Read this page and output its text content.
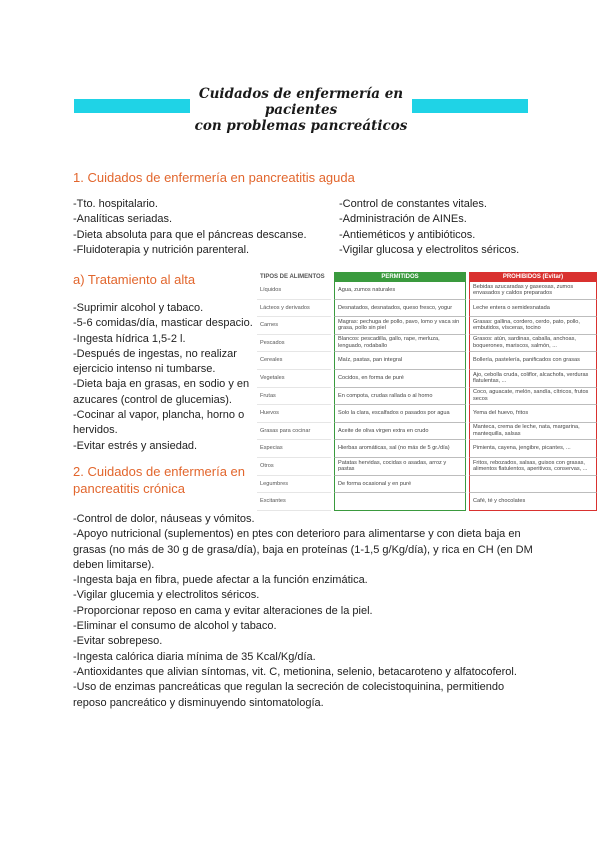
Cuidados de enfermería en pacientes
con problemas pancreáticos
1. Cuidados de enfermería en pancreatitis aguda
-Tto. hospitalario.
-Analíticas seriadas.
-Dieta absoluta para que el páncreas descanse.
-Fluidoterapia y nutrición parenteral.
-Control de constantes vitales.
-Administración de AINEs.
-Antieméticos y antibióticos.
-Vigilar glucosa y electrolitos séricos.
a) Tratamiento al alta
-Suprimir alcohol y tabaco.
-5-6 comidas/día, masticar despacio.
-Ingesta hídrica 1,5-2 l.
-Después de ingestas, no realizar
ejercicio intenso ni tumbarse.
-Dieta baja en grasas, en sodio y en
azucares (control de glucemias).
-Cocinar al vapor, plancha, horno o
hervidos.
-Evitar estrés y ansiedad.
TIPOS DE ALIMENTOS	PERMITIDOS	PROHIBIDOS (Evitar)
Líquidos	Agua, zumos naturales	Bebidas azucaradas y gaseosas, zumos envasados y caldos preparados
Lácteos y derivados	Desnatados, desnatados, queso fresco, yogur	Leche entera o semidesnatada
Carnes	Magras: pechuga de pollo, pavo, lomo y vaca sin grasa, pollo sin piel	Grasas: gallina, cordero, cerdo, pato, pollo, embutidos, vísceras, tocino
Pescados	Blancos: pescadilla, gallo, rape, merluza, lenguado, rodaballo	Grasos: atún, sardinas, caballa, anchoas, boquerones, mariscos, salmón, ...
Cereales	Maíz, pastas, pan integral	Bollería, pastelería, panificados con grasas
Vegetales	Cocidos, en forma de puré	Ajo, cebolla cruda, coliflor, alcachofa, verduras flatulentas, ...
Frutas	En compota, crudas rallada o al horno	Coco, aguacate, melón, sandía, cítricos, frutos secos
Huevos	Solo la clara, escalfados o pasados por agua	Yema del huevo, fritos
Grasas para cocinar	Aceite de oliva virgen extra en crudo	Manteca, crema de leche, nata, margarina, mantequilla, salsas
Especias	Hierbas aromáticas, sal (no más de 5 gr./día)	Pimienta, cayena, jengibre, picantes, ...
Otros	Patatas hervidas, cocidas o asadas, arroz y pastas	Fritos, rebozados, salsas, guisos con grasas, alimentos flatulentos, aperitivos, conservas, ...
Legumbres	De forma ocasional y en puré	
Excitantes		Café, té y chocolates
2. Cuidados de enfermería en
pancreatitis crónica
-Control de dolor, náuseas y vómitos.
-Apoyo nutricional (suplementos) en ptes con deterioro para alimentarse y con dieta baja en grasas (no más de 30 g de grasa/día), baja en proteínas (1-1,5 g/Kg/día), y rica en CH (en DM deben limitarse).
-Ingesta baja en fibra, puede afectar a la función enzimática.
-Vigilar glucemia y electrolitos séricos.
-Proporcionar reposo en cama y evitar alteraciones de la piel.
-Eliminar el consumo de alcohol y tabaco.
-Evitar sobrepeso.
-Ingesta calórica diaria mínima de 35 Kcal/Kg/día.
-Antioxidantes que alivian síntomas, vit. C, metionina, selenio, betacaroteno y alfatocoferol.
-Uso de enzimas pancreáticas que regulan la secreción de colecistoquinina, permitiendo reposo pancreático y disminuyendo sintomatología.
